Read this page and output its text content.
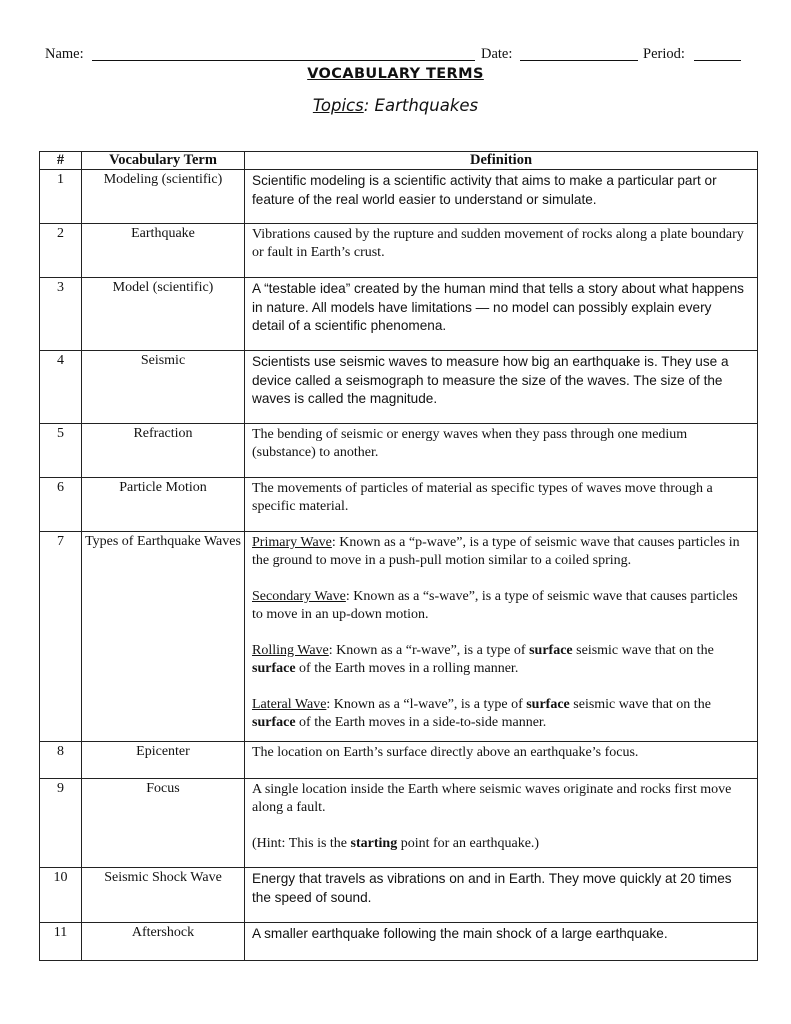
Name:	Date:	Period:
VOCABULARY TERMS
Topics: Earthquakes
#	Vocabulary Term	Definition
1	Modeling (scientific)	Scientific modeling is a scientific activity that aims to make a particular part or feature of the real world easier to understand or simulate.
2	Earthquake	Vibrations caused by the rupture and sudden movement of rocks along a plate boundary or fault in Earth’s crust.
3	Model (scientific)	A “testable idea” created by the human mind that tells a story about what happens in nature. All models have limitations — no model can possibly explain every detail of a scientific phenomena.
4	Seismic	Scientists use seismic waves to measure how big an earthquake is. They use a device called a seismograph to measure the size of the waves. The size of the waves is called the magnitude.
5	Refraction	The bending of seismic or energy waves when they pass through one medium (substance) to another.
6	Particle Motion	The movements of particles of material as specific types of waves move through a specific material.
7	Types of Earthquake Waves	Primary Wave: Known as a “p-wave”, is a type of seismic wave that causes particles in the ground to move in a push-pull motion similar to a coiled spring.

Secondary Wave: Known as a “s-wave”, is a type of seismic wave that causes particles to move in an up-down motion.

Rolling Wave: Known as a “r-wave”, is a type of surface seismic wave that on the surface of the Earth moves in a rolling manner.

Lateral Wave: Known as a “l-wave”, is a type of surface seismic wave that on the surface of the Earth moves in a side-to-side manner.

8	Epicenter	The location on Earth’s surface directly above an earthquake’s focus.
9	Focus	A single location inside the Earth where seismic waves originate and rocks first move along a fault.

(Hint: This is the starting point for an earthquake.)

10	Seismic Shock Wave	Energy that travels as vibrations on and in Earth. They move quickly at 20 times the speed of sound.
11	Aftershock	A smaller earthquake following the main shock of a large earthquake.
